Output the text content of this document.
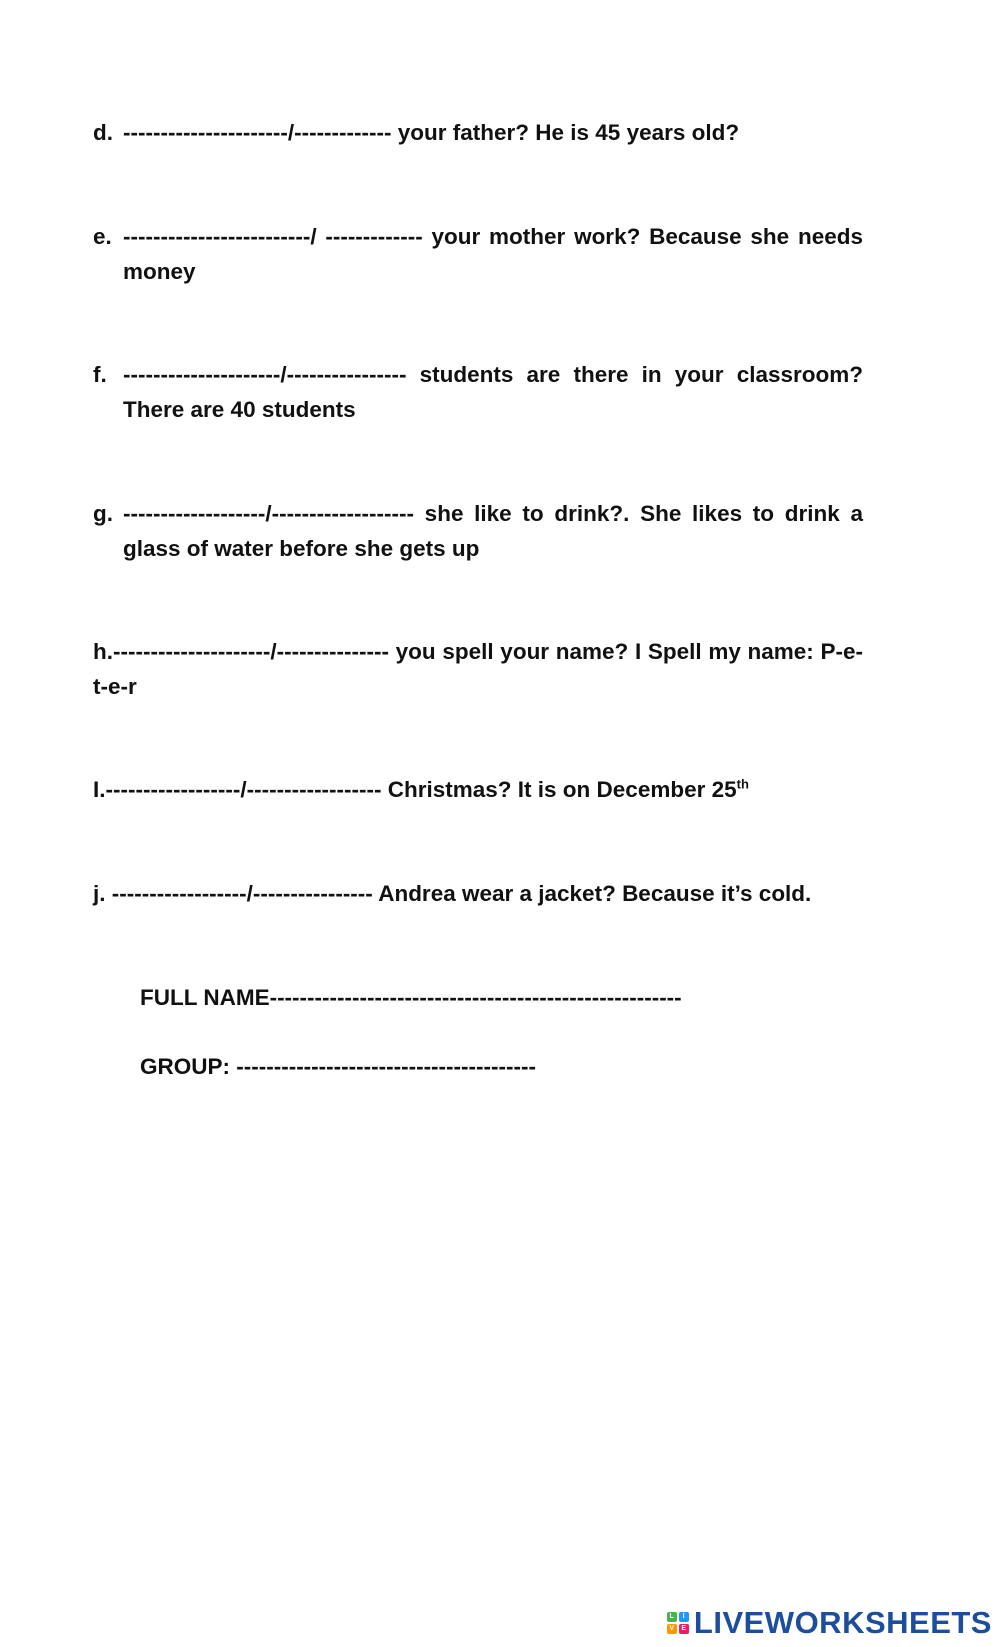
d. ----------------------/------------- your father? He is 45 years old?
e. -------------------------/ ------------- your mother work? Because she needs money
f. ---------------------/---------------- students are there in your classroom? There are 40 students
g. -------------------/------------------- she like to drink?. She likes to drink a glass of water before she gets up
h.---------------------/--------------- you spell your name? I Spell my name: P-e-t-e-r
I.------------------/------------------ Christmas? It is on December 25th
j. ------------------/---------------- Andrea wear a jacket? Because it’s cold.
FULL NAME-------------------------------------------------------
GROUP: ----------------------------------------
L	I
V E LIVEWORKSHEETS
